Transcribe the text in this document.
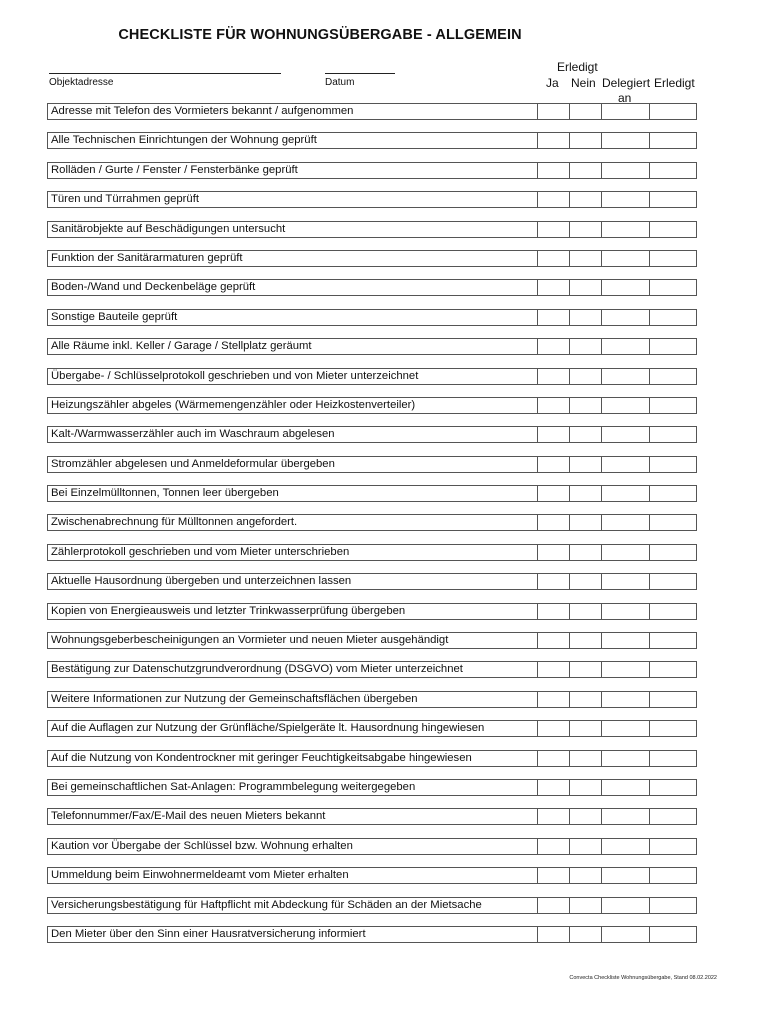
CHECKLISTE FÜR WOHNUNGSÜBERGABE - ALLGEMEIN
Objektadresse	Datum
Erledigt
Ja Nein Delegiert Erledigt
an
Adresse mit Telefon des Vormieters bekannt / aufgenommen
Alle Technischen Einrichtungen der Wohnung geprüft
Rolläden / Gurte / Fenster / Fensterbänke geprüft
Türen und Türrahmen geprüft
Sanitärobjekte auf Beschädigungen untersucht
Funktion der Sanitärarmaturen geprüft
Boden-/Wand und Deckenbeläge geprüft
Sonstige Bauteile geprüft
Alle Räume inkl. Keller / Garage / Stellplatz geräumt
Übergabe- / Schlüsselprotokoll geschrieben und von Mieter unterzeichnet
Heizungszähler abgeles (Wärmemengenzähler oder Heizkostenverteiler)
Kalt-/Warmwasserzähler auch im Waschraum abgelesen
Stromzähler abgelesen und Anmeldeformular übergeben
Bei Einzelmülltonnen, Tonnen leer übergeben
Zwischenabrechnung für Mülltonnen angefordert.
Zählerprotokoll geschrieben und vom Mieter unterschrieben
Aktuelle Hausordnung übergeben und unterzeichnen lassen
Kopien von Energieausweis und letzter Trinkwasserprüfung übergeben
Wohnungsgeberbescheinigungen an Vormieter und neuen Mieter ausgehändigt
Bestätigung zur Datenschutzgrundverordnung (DSGVO) vom Mieter unterzeichnet
Weitere Informationen zur Nutzung der Gemeinschaftsflächen übergeben
Auf die Auflagen zur Nutzung der Grünfläche/Spielgeräte lt. Hausordnung hingewiesen
Auf die Nutzung von Kondentrockner mit geringer Feuchtigkeitsabgabe hingewiesen
Bei gemeinschaftlichen Sat-Anlagen: Programmbelegung weitergegeben
Telefonnummer/Fax/E-Mail des neuen Mieters bekannt
Kaution vor Übergabe der Schlüssel bzw. Wohnung erhalten
Ummeldung beim Einwohnermeldeamt vom Mieter erhalten
Versicherungsbestätigung für Haftpflicht mit Abdeckung für Schäden an der Mietsache
Den Mieter über den Sinn einer Hausratversicherung informiert
Convecta Checkliste Wohnungsübergabe, Stand 08.02.2022
